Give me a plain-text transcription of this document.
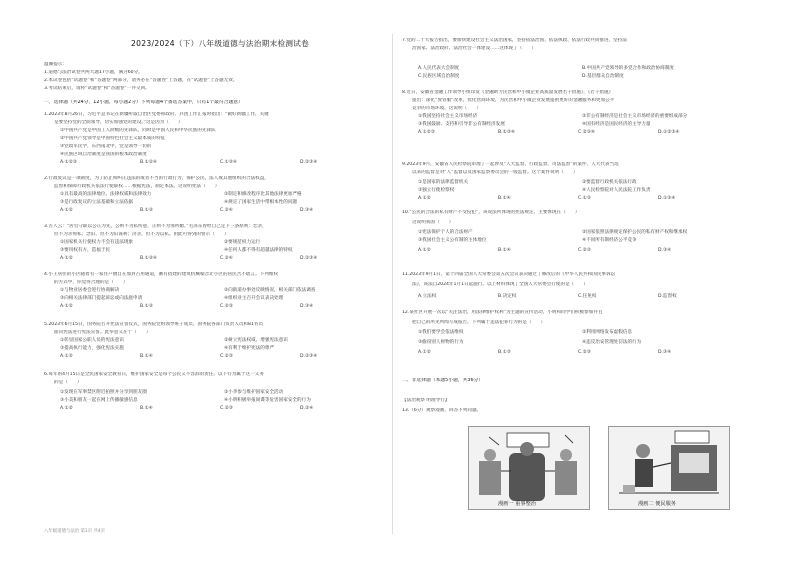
2023/2024（下）八年级道德与法治期末检测试卷
温馨提示：
1.道德与法治试卷共两大题17小题，满分60分。
2.本试卷包括“试题卷”和“答题卷”两部分，请务必在“答题卷”上答题，在“试题卷”上答题无效。
3.考试结束后，请将“试题卷”和“答题卷”一并交回。
一、选择题（共24分，12小题，每小题2分）下列每题4个备选答案中，只有1个最符合题意）
1.2023年8月26日，习近平总书记在新疆听取自治区党委和政府、兵团工作汇报时指出：“做好新疆工作，关键
是要坚持党的全面领导，切实加强党的建设。”这是因为（　　）
①中国共产党是中国工人阶级的先锋队，同时是中国人民和中华民族的先锋队
②中国共产党领导是中国特色社会主义最本质的特征
③党政军民学，东西南北中，党是领导一切的
④民族区域自治制度是我国的根本政治制度
A.①②③	B.①②④	C.①③④	D.②③④
2.行政复议是一项制度，为了防止和纠正违法的或者不当的行政行为，保护公民、法人或其他组织的合法权益，
监督和保障行政机关依法行使职权……根据宪法，制定本法。这说明宪法（　　）
①具有最高的法律地位、法律权威和法律效力	②制定和修改程序比其他法律更加严格
③是行政复议的立法基础和立法依据	④规定了国家生活中带根本性的问题
A.①②	B.①③	C.②④	D.③④
3.古人云：“居官守职以公正为先，公则不为私所惑，正则不为邪所媚。”毛泽东曾经自己定下三条原则：恋亲，
但不为亲徇私；念旧，但不为旧谋利；济亲，但不为以私。由此可得到的警示（　　）
①国家机关行使权力不会有违法现象	②要规范权力运行
③要用权有方，造福于民	④任何人都不得有超越法律的特权
A.①②	B.①③④	C.②④	D.②③④
4.小王居住的小区随着有一家住户擅自在加封占用通道，蓄有搭建的建筑机械噪音让小区的居民苦不堪言。下列维权
的方式中，你觉得合理的是（　　）
①与物业居委会进行协商解决	②向街道办事处反映情况，相关部门依法调查
③向相关法律部门提起诉讼或向法庭申请	④组织业主召开会议表决处理
A.①②	B.①③	C.②③	D.③④
5.2023年6月15日，国务院召开宪法宣誓仪式，国务院党组领导班子成员、国务院各部门负责人员和81名员
面向宪法进行宪法宣誓。此举意义在于（　　）
①彰显国家公职人员的宪法意识	②树立宪法权威，增强宪法意识
③提高执行能力，强化宪法实施	④有利于维护宪法的尊严
A.①②	B.①④	C.②③	D.②③④
6.每年的4月15日是全民国家安全教育日，维护国家安全是每个公民义不容辞的责任。以下行为属于这一义务
的是（　　）
①发现在军事禁区附近拍照并分享到朋友圈	②小李参与维护国家安全活动
③小美和朋友一起在网上传播敏感信息	④小明积极举报间谍等危害国家安全的行为
A.①②	B.①④	C.②③	D.②④
八年级道德与法治 第1页 共4页
7.党的二十大报告指出，要加快建设社会主义法治国家，坚持依法治国、依法执政、依法行政共同推进，坚持法
治国家、法治政府、法治社会一体建设……这体现了（　　）
A.人民代表大会制度	B.中国共产党领导的多党合作和政治协商制度
C.民族区域自治制度	D.基层群众自治制度
8.近日，安徽省金融工作领导小组印发《金融助力民营和中小微企业高质量发展若干措施》，《若干措施》
提出：深化“放管服”改革，优化营商环境，为民营和中小微企业发展提供更好的金融服务和更加公平
竞争的市场环境。这说明（　　）
①我国坚持社会主义市场经济	②非公有制经济是社会主义市场经济的重要组成部分
③我国鼓励、支持和引导非公有制经济发展	④国有经济是国民经济的主导力量
A.①②③	B.①③④	C.②③④	D.①②③④
9.2023年9月，安徽省人民检察院审理了一起涉及“人大监督、行政监督、司法监督”的案件，人大代表当选
以来的监督是对“人”监督以及国家监察委员会的一般监督。这个案件说明（　　）
①是国家的法律监督机关	②要监督行政机关依法行政
③独立行使检察权	④人民检察院对人民法院工作负责
A.①②	B.①④	C.①③	D.①③④
10.“公民的合法的私有财产不受侵犯”，该说法所体现的宪法规定，主要体现在（　　）
这说明我国（　　）
①宪法保护个人的合法财产	②国家依照法律规定保护公民的私有财产权和继承权
③我国社会主义公有制的主体地位	④不同所有制经济公平竞争
A.①②	B.①④	C.②③	D.③④
11.2023年9月1日，第十四届全国人大常委会第五次会议表决通过了修改后的《中华人民共和国民事诉讼
法》，该法自2024年1月1日起施行。以上材料体现了全国人大常委会行使的是（　　）
A.立法权	B.决定权	C.任免权	D.监督权
12.某社区开展一次以“关注法治，用法律维护权利”为主题的宣传活动，小明和同学们积极参加并且
把自己的所见所闻写成报告。下列属于违法犯罪行为的是（　　）
①我们要学会依法维权	②利用网络发布虚假信息
③偷窃别人财物的行为	④违反治安管理处罚法的行为
A.①②	B.①③	C.②③	D.③④
二、非选择题（本题5小题，共36分）
【法治观察 明理导行】
13.（6分）观察漫画，回答下列问题。
漫画一 重事整治	漫画二 便民服务
